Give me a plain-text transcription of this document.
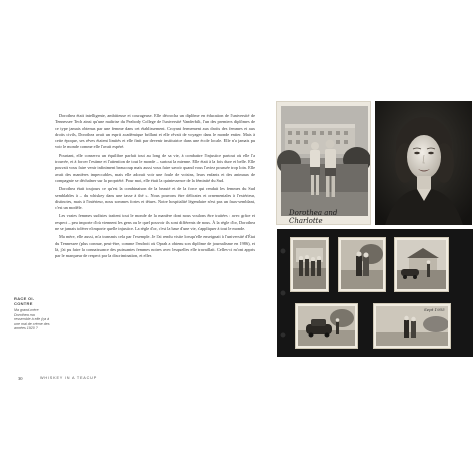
Dorothea était intelligente, ambitieuse et courageuse. Elle décrocha un diplôme en éducation de l'université de Tennessee Tech ainsi qu'une maîtrise du Peabody College de l'université Vanderbilt, l'un des premiers diplômes de ce type jamais obtenus par une femme dans cet établissement. Croyant fermement aux droits des femmes et aux droits civils, Dorothea avait un esprit académique brillant et elle rêvait de voyager dans le monde entier. Mais à cette époque, ses rêves étaient limités et elle finit par devenir institutrice dans une école locale. Elle n'a jamais pu voir le monde comme elle l'avait espéré.

Pourtant, elle conserva un équilibre parfait tout au long de sa vie, à combattre l'injustice partout où elle l'a trouvée, et à forcer l'estime et l'attention de tout le monde – surtout la mienne. Elle était à la fois dure et belle. Elle pouvait vous faire venir infiniment beaucoup mais aussi vous faire savoir quand vous l'aviez poussée trop loin. Elle avait des manières impeccables, mais elle adorait voir une foule de voisins, leurs enfants et des animaux de compagnie se déchaîner sur la propriété. Pour moi, elle était la quintessence de la féminité du Sud.

Dorothea était toujours ce qu'est la combinaison de la beauté et de la force qui rendait les femmes du Sud semblables à – du whiskey dans une tasse à thé ». Nous pouvons être délicates et ornementales à l'extérieur, distinctes, mais à l'intérieur, nous sommes fortes et têtues. Notre hospitalité légendaire n'est pas un faux-semblant, c'est un modèle.

Les vraies femmes sudistes traitent tout le monde de la manière dont nous voulons être traitées : avec grâce et respect – peu importe d'où viennent les gens ou le quel pouvoir ils sont différents de nous. À la règle d'or, Dorothea ne se jamais tolérer n'importe quelle injustice. La règle d'or, c'est la base d'une vie, s'appliquer à tout le monde.

Ma mère, elle aussi, m'a transmis cela par l'exemple. Je l'ai rendu visite lorsqu'elle enseignait à l'université d'État du Tennessee (plus connue, peut-être, comme l'endroit où Oprah a obtenu son diplôme de journalisme en 1986), et là, j'ai pu faire la connaissance des puissantes femmes noires avec lesquelles elle travaillait. Celles-ci m'ont appris par le marqueur de respect par la discrimination, et elles

RACE OI-CONTRE
Ma grand-mère Dorothea ma ressemble à elle (ça à une mai de crème des années 1920 ?
30	WHISKEY IN A TEACUP
Dorothea and Charlotte
Sept 1955
